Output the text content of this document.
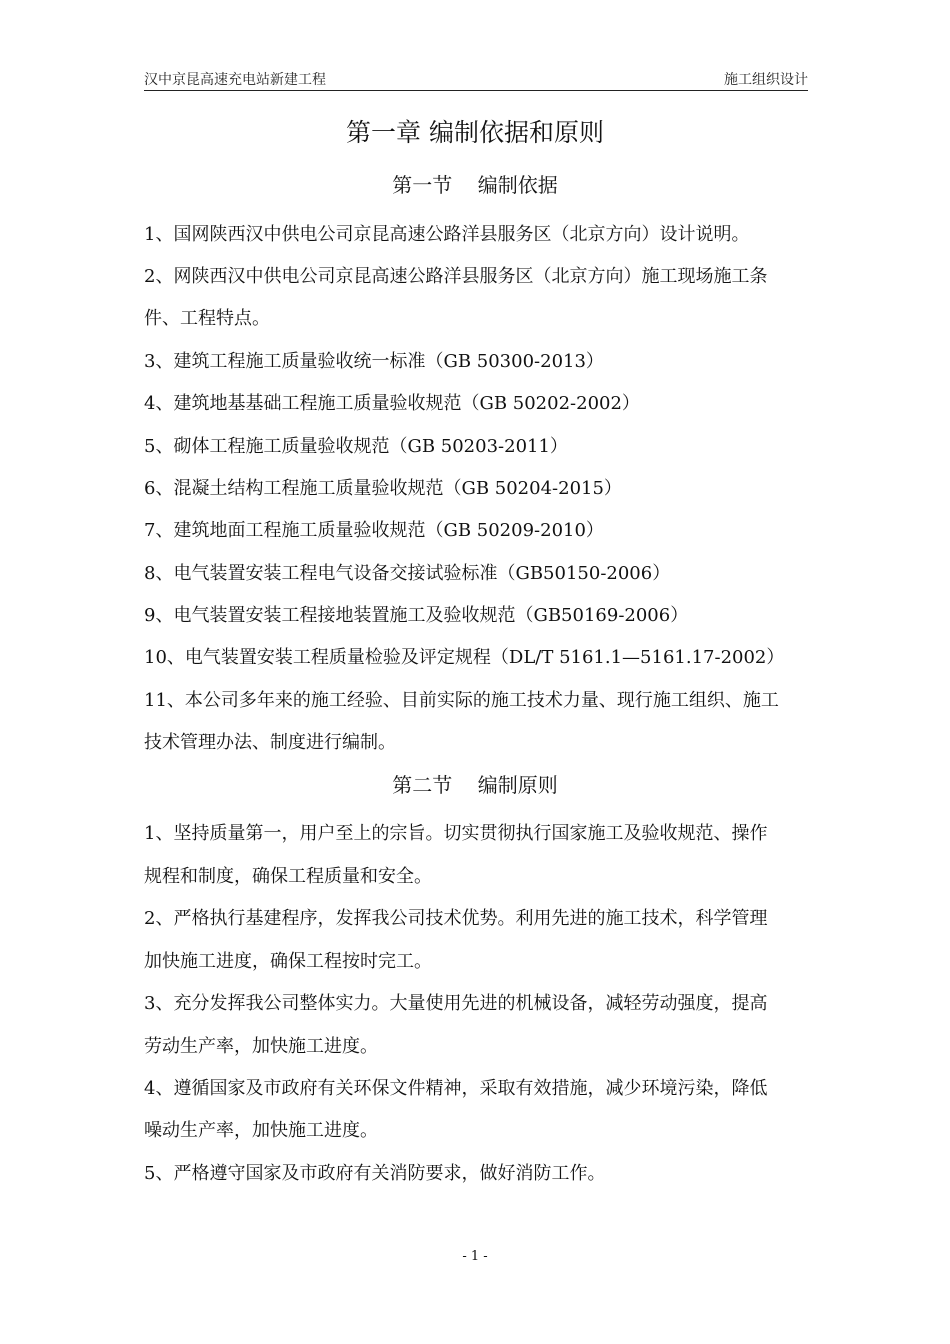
汉中京昆高速充电站新建工程	施工组织设计
第一章 编制依据和原则
第一节    编制依据
1、国网陕西汉中供电公司京昆高速公路洋县服务区（北京方向）设计说明。
2、网陕西汉中供电公司京昆高速公路洋县服务区（北京方向）施工现场施工条
件、工程特点。
3、建筑工程施工质量验收统一标准（GB 50300-2013）
4、建筑地基基础工程施工质量验收规范（GB 50202-2002）
5、砌体工程施工质量验收规范（GB 50203-2011）
6、混凝土结构工程施工质量验收规范（GB 50204-2015）
7、建筑地面工程施工质量验收规范（GB 50209-2010）
8、电气装置安装工程电气设备交接试验标准（GB50150-2006）
9、电气装置安装工程接地装置施工及验收规范（GB50169-2006）
10、电气装置安装工程质量检验及评定规程（DL/T 5161.1—5161.17-2002）
11、本公司多年来的施工经验、目前实际的施工技术力量、现行施工组织、施工
技术管理办法、制度进行编制。
第二节    编制原则
1、坚持质量第一，用户至上的宗旨。切实贯彻执行国家施工及验收规范、操作
规程和制度，确保工程质量和安全。
2、严格执行基建程序，发挥我公司技术优势。利用先进的施工技术，科学管理
加快施工进度，确保工程按时完工。
3、充分发挥我公司整体实力。大量使用先进的机械设备，减轻劳动强度，提高
劳动生产率，加快施工进度。
4、遵循国家及市政府有关环保文件精神，采取有效措施，减少环境污染，降低
噪动生产率，加快施工进度。
5、严格遵守国家及市政府有关消防要求，做好消防工作。
- 1 -
